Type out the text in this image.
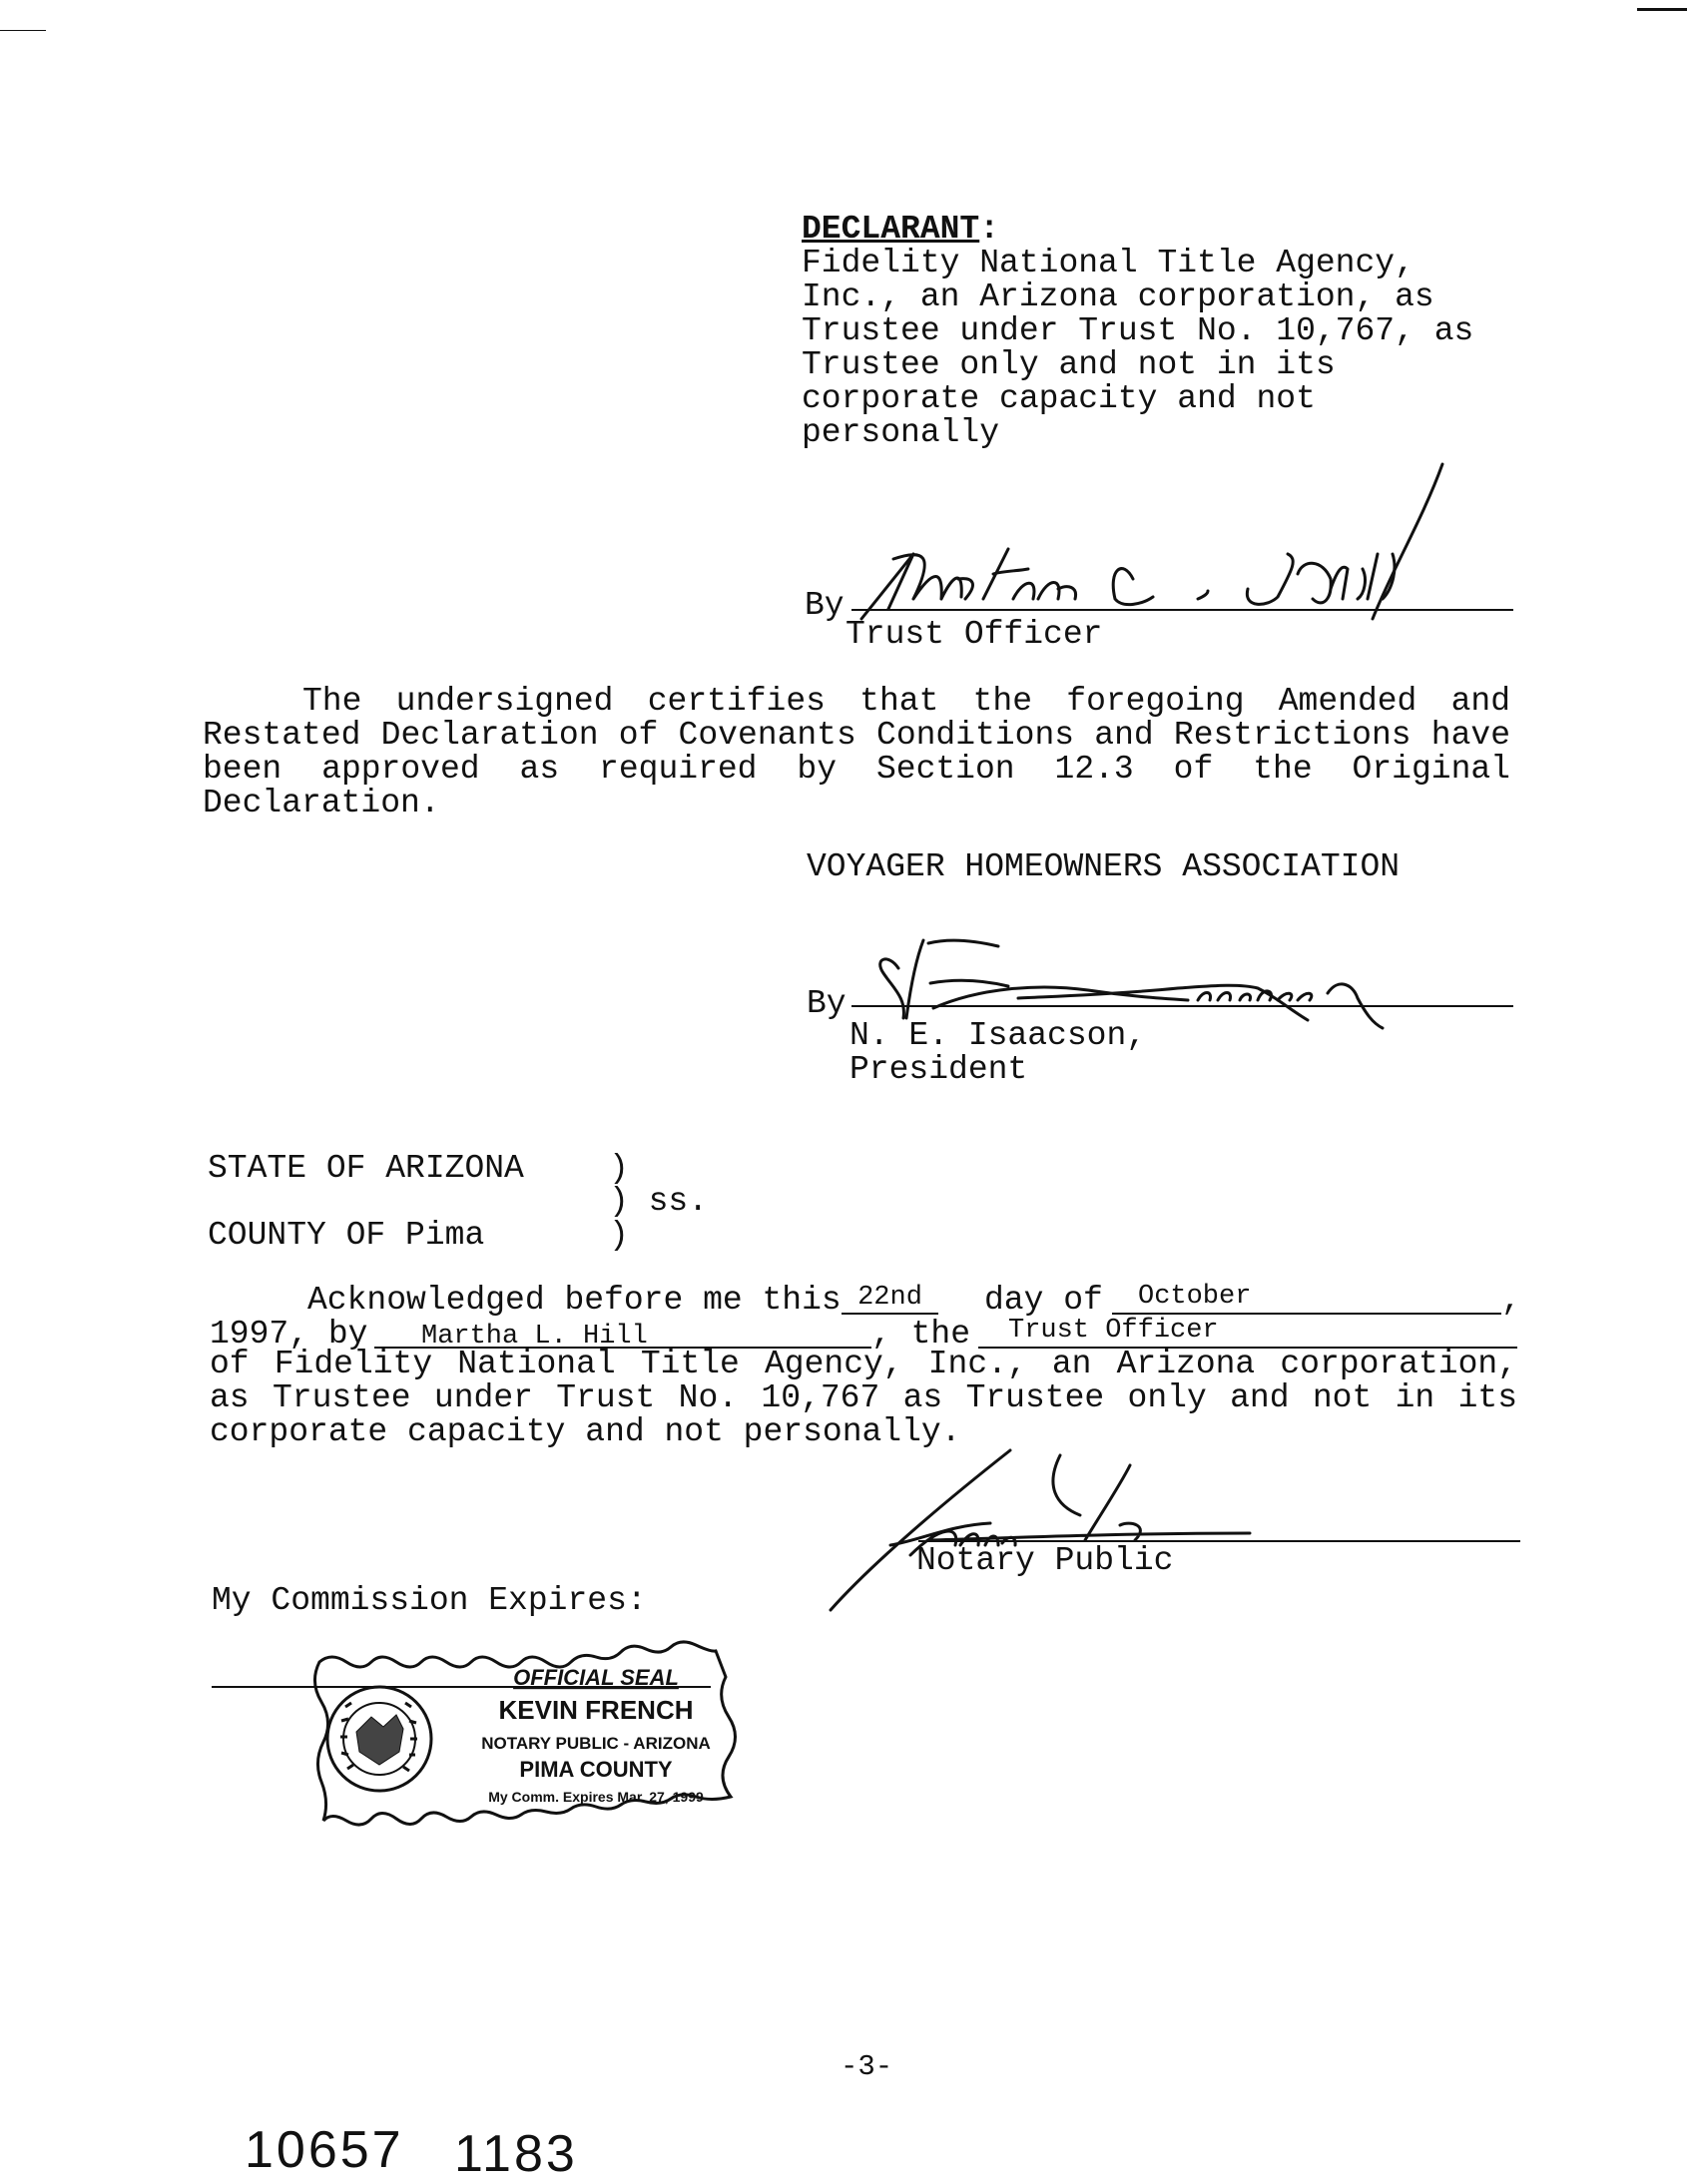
DECLARANT:
Fidelity National Title Agency,
Inc., an Arizona corporation, as
Trustee under Trust No. 10,767, as
Trustee only and not in its
corporate capacity and not
personally
By
Trust Officer
The undersigned certifies that the foregoing Amended and Restated Declaration of Covenants Conditions and Restrictions have been approved as required by Section 12.3 of the Original Declaration.
VOYAGER HOMEOWNERS ASSOCIATION
By
N. E. Isaacson,
President
STATE OF ARIZONA	)
) ss.
COUNTY OF Pima	)
Acknowledged before me this 22nd	day of October	,
1997, by Martha L. Hill	, the Trust Officer
of Fidelity National Title Agency, Inc., an Arizona corporation, as Trustee under Trust No. 10,767 as Trustee only and not in its corporate capacity and not personally.
Notary Public
My Commission Expires:
OFFICIAL SEAL
KEVIN FRENCH
NOTARY PUBLIC - ARIZONA
PIMA COUNTY
My Comm. Expires Mar. 27, 1999
-3-
10657 1183
